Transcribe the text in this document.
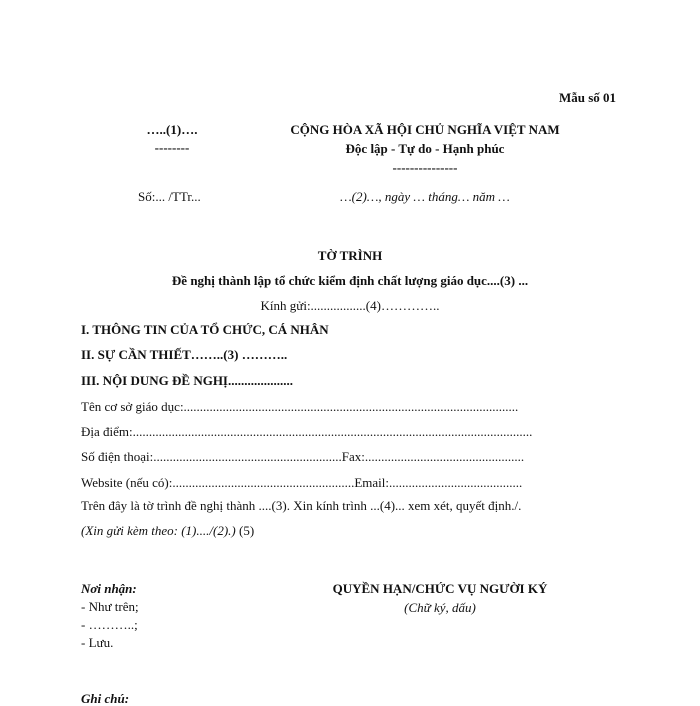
Mẫu số 01
…..(1)….
--------
Số:... /TTr...
CỘNG HÒA XÃ HỘI CHỦ NGHĨA VIỆT NAM
Độc lập - Tự do - Hạnh phúc
---------------
…(2)…, ngày … tháng… năm …
TỜ TRÌNH
Đề nghị thành lập tổ chức kiểm định chất lượng giáo dục....(3) ...
Kính gửi:.................(4)…………..
I. THÔNG TIN CỦA TỔ CHỨC, CÁ NHÂN
II. SỰ CẦN THIẾT……..(3) ………..
III. NỘI DUNG ĐỀ NGHỊ....................
Tên cơ sở giáo dục:.......................................................................................................
Địa điểm:...........................................................................................................................
Số điện thoại:..........................................................Fax:.................................................
Website (nếu có):........................................................Email:.........................................
Trên đây là tờ trình đề nghị thành ....(3). Xin kính trình ...(4)... xem xét, quyết định./.
(Xin gửi kèm theo: (1)..../(2).) (5)
Nơi nhận:
- Như trên;
- ………..;
- Lưu.
QUYỀN HẠN/CHỨC VỤ NGƯỜI KÝ
(Chữ ký, dấu)
Ghi chú:
